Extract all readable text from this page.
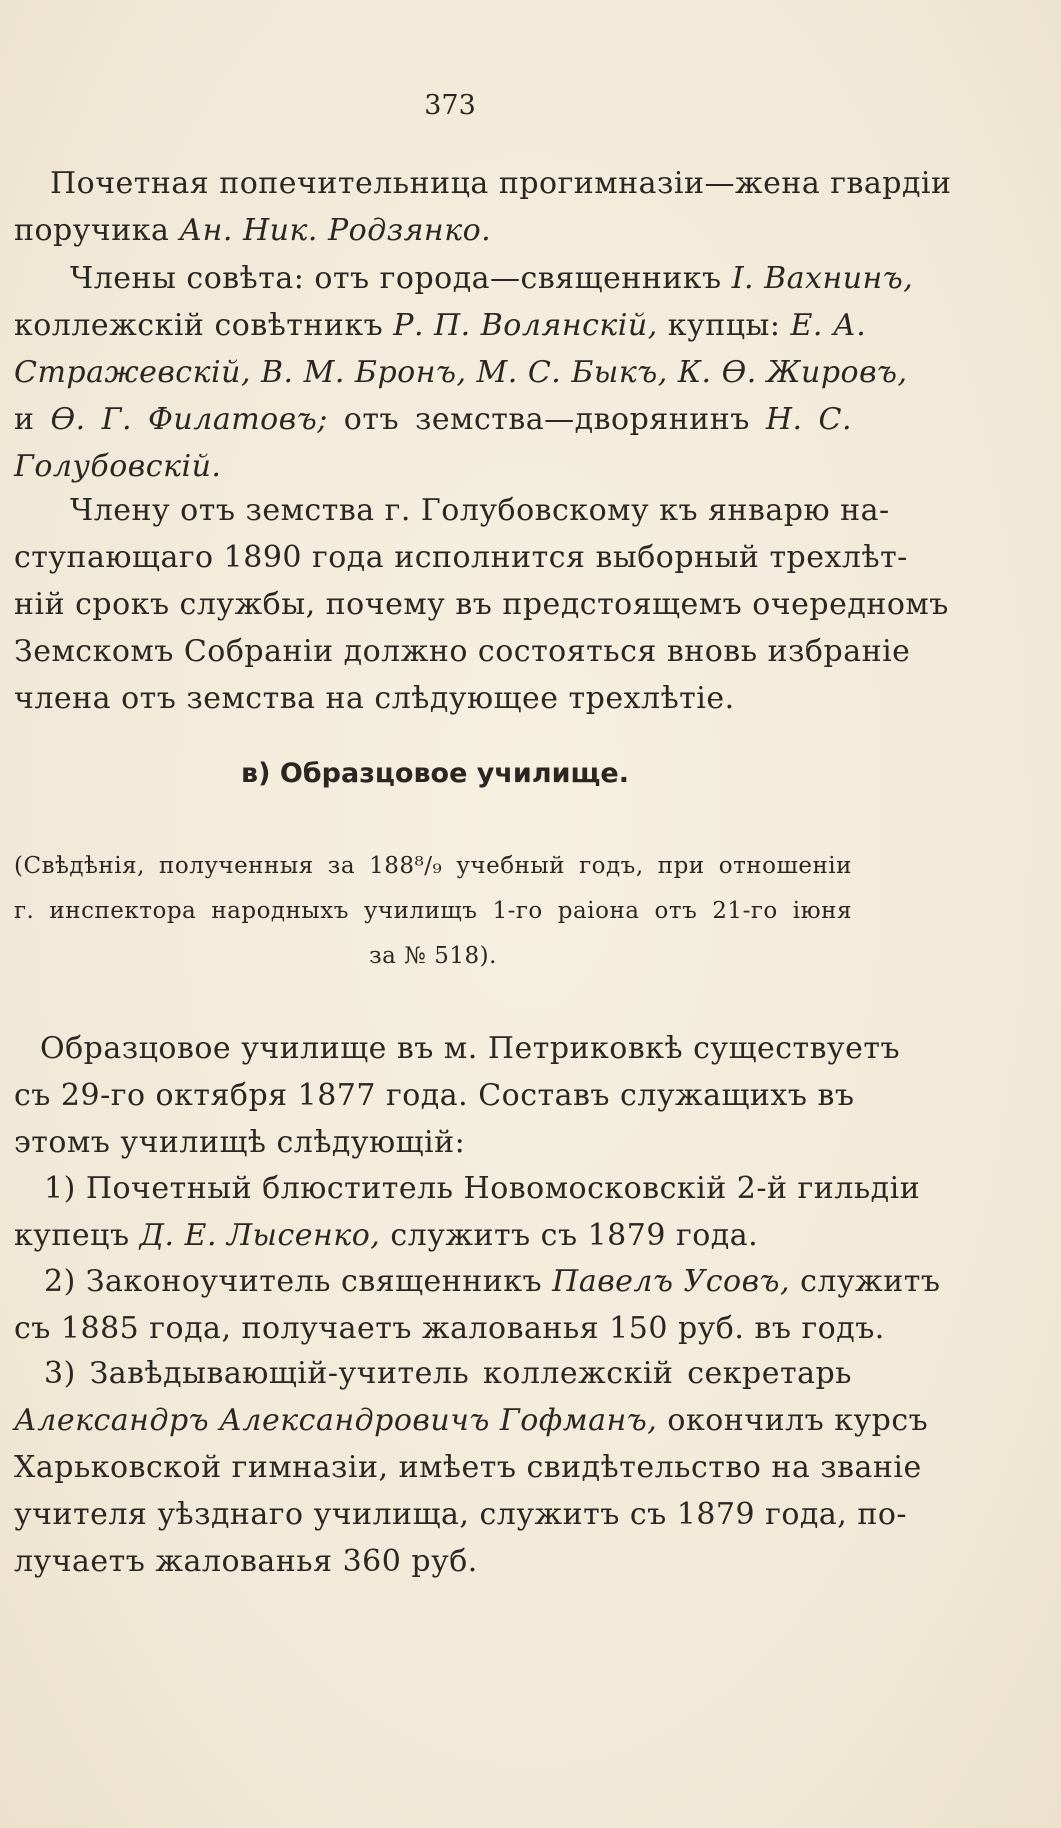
373
Почетная попечительница прогимназіи—жена гвардіи
поручика Ан. Ник. Родзянко.
Члены совѣта: отъ города—священникъ І. Вахнинъ,
коллежскій совѣтникъ Р. П. Волянскій, купцы: Е. А.
Стражевскій, В. М. Бронъ, М. С. Быкъ, К. Ѳ. Жировъ,
и Ѳ. Г. Филатовъ; отъ земства—дворянинъ Н. С.
Голубовскій.
Члену отъ земства г. Голубовскому къ январю на-
ступающаго 1890 года исполнится выборный трехлѣт-
ній срокъ службы, почему въ предстоящемъ очередномъ
Земскомъ Собраніи должно состояться вновь избраніе
члена отъ земства на слѣдующее трехлѣтіе.
в) Образцовое училище.
(Свѣдѣнія, полученныя за 188⁸/₉ учебный годъ, при отношеніи
г. инспектора народныхъ училищъ 1-го раіона отъ 21-го іюня
за № 518).
Образцовое училище въ м. Петриковкѣ существуетъ
съ 29-го октября 1877 года. Составъ служащихъ въ
этомъ училищѣ слѣдующій:
1) Почетный блюститель Новомосковскій 2-й гильдіи
купецъ Д. Е. Лысенко, служитъ съ 1879 года.
2) Законоучитель священникъ Павелъ Усовъ, служитъ
съ 1885 года, получаетъ жалованья 150 руб. въ годъ.
3) Завѣдывающій-учитель коллежскій секретарь
Александръ Александровичъ Гофманъ, окончилъ курсъ
Харьковской гимназіи, имѣетъ свидѣтельство на званіе
учителя уѣзднаго училища, служитъ съ 1879 года, по-
лучаетъ жалованья 360 руб.
